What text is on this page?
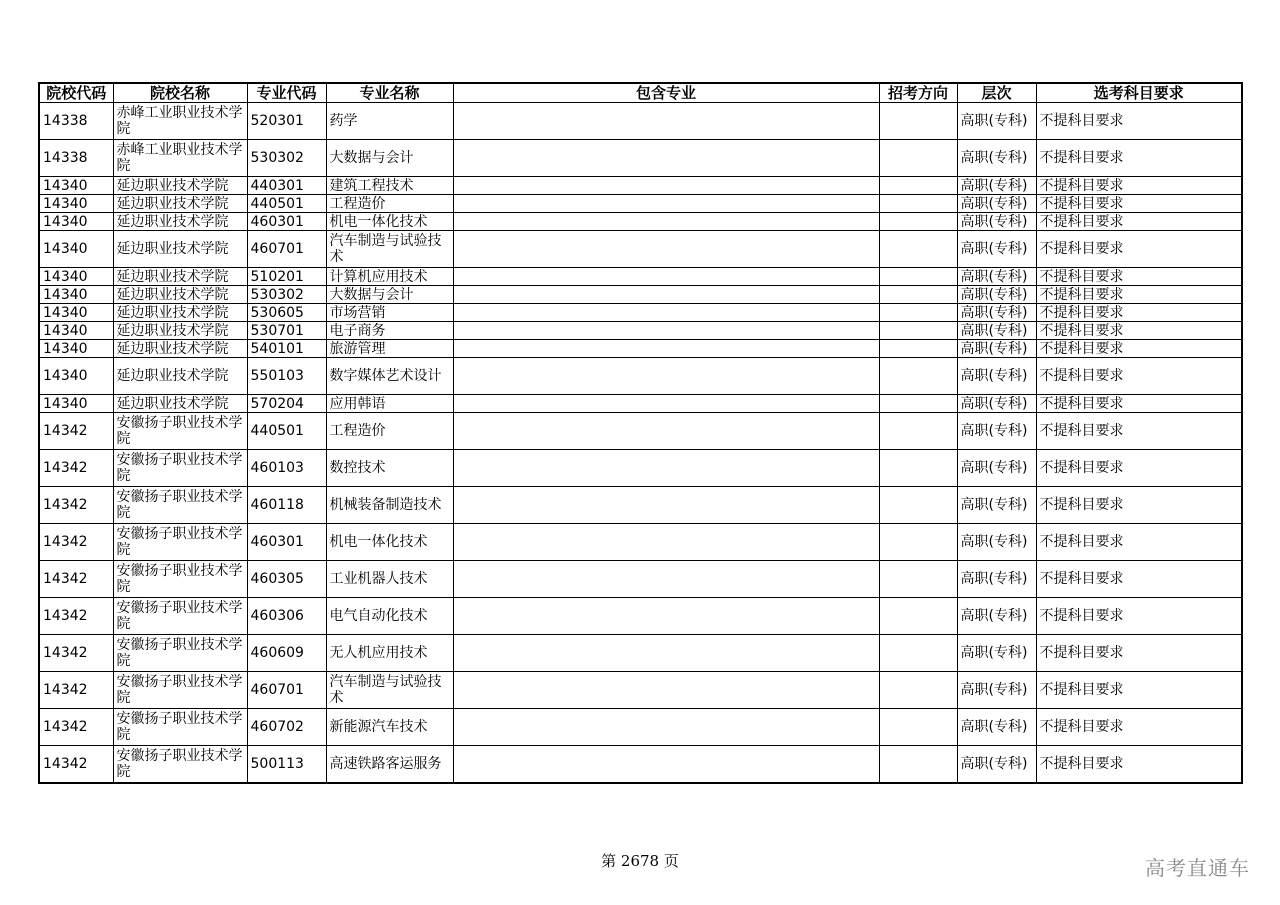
院校代码	院校名称	专业代码	专业名称	包含专业	招考方向	层次	选考科目要求
14338	赤峰工业职业技术学院	520301	药学			高职(专科)	不提科目要求
14338	赤峰工业职业技术学院	530302	大数据与会计			高职(专科)	不提科目要求

14340	延边职业技术学院	440301	建筑工程技术			高职(专科)	不提科目要求

14340	延边职业技术学院	440501	工程造价			高职(专科)	不提科目要求

14340	延边职业技术学院	460301	机电一体化技术			高职(专科)	不提科目要求

14340	延边职业技术学院	460701	汽车制造与试验技术			高职(专科)	不提科目要求

14340	延边职业技术学院	510201	计算机应用技术			高职(专科)	不提科目要求

14340	延边职业技术学院	530302	大数据与会计			高职(专科)	不提科目要求

14340	延边职业技术学院	530605	市场营销			高职(专科)	不提科目要求

14340	延边职业技术学院	530701	电子商务			高职(专科)	不提科目要求

14340	延边职业技术学院	540101	旅游管理			高职(专科)	不提科目要求

14340	延边职业技术学院	550103	数字媒体艺术设计			高职(专科)	不提科目要求

14340	延边职业技术学院	570204	应用韩语			高职(专科)	不提科目要求

14342	安徽扬子职业技术学院	440501	工程造价			高职(专科)	不提科目要求
14342	安徽扬子职业技术学院	460103	数控技术			高职(专科)	不提科目要求
14342	安徽扬子职业技术学院	460118	机械装备制造技术			高职(专科)	不提科目要求
14342	安徽扬子职业技术学院	460301	机电一体化技术			高职(专科)	不提科目要求
14342	安徽扬子职业技术学院	460305	工业机器人技术			高职(专科)	不提科目要求
14342	安徽扬子职业技术学院	460306	电气自动化技术			高职(专科)	不提科目要求
14342	安徽扬子职业技术学院	460609	无人机应用技术			高职(专科)	不提科目要求
14342	安徽扬子职业技术学院	460701	汽车制造与试验技术			高职(专科)	不提科目要求
14342	安徽扬子职业技术学院	460702	新能源汽车技术			高职(专科)	不提科目要求
14342	安徽扬子职业技术学院	500113	高速铁路客运服务			高职(专科)	不提科目要求
第 2678 页	高考直通车
